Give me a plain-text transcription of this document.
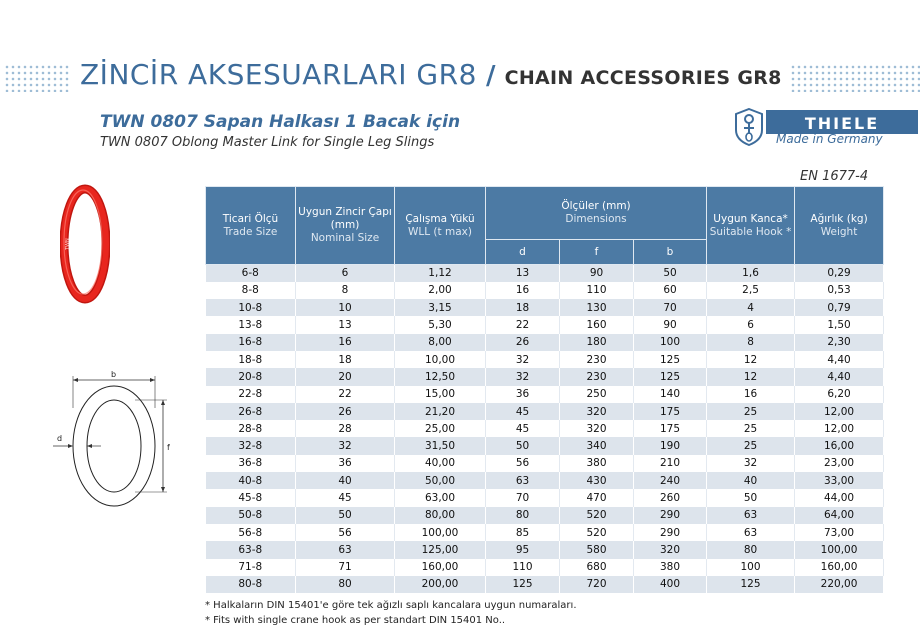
ZİNCİR AKSESUARLARI GR8 / CHAIN ACCESSORIES GR8
TWN 0807 Sapan Halkası 1 Bacak için
TWN 0807 Oblong Master Link for Single Leg Slings
THIELE
Made in Germany
EN 1677-4
TWN
b
d
f
Ticari Ölçü
Trade Size	Uygun Zincir Çapı (mm)
Nominal Size	Çalışma Yükü
WLL (t max)	Ölçüler (mm)
Dimensions			Uygun Kanca*
Suitable Hook *	Ağırlık (kg)
Weight

			d	f	b		
6-8	6	1,12	13	90	50	1,6	0,29
8-8	8	2,00	16	110	60	2,5	0,53
10-8	10	3,15	18	130	70	4	0,79
13-8	13	5,30	22	160	90	6	1,50
16-8	16	8,00	26	180	100	8	2,30
18-8	18	10,00	32	230	125	12	4,40
20-8	20	12,50	32	230	125	12	4,40
22-8	22	15,00	36	250	140	16	6,20
26-8	26	21,20	45	320	175	25	12,00
28-8	28	25,00	45	320	175	25	12,00
32-8	32	31,50	50	340	190	25	16,00
36-8	36	40,00	56	380	210	32	23,00
40-8	40	50,00	63	430	240	40	33,00
45-8	45	63,00	70	470	260	50	44,00
50-8	50	80,00	80	520	290	63	64,00
56-8	56	100,00	85	520	290	63	73,00
63-8	63	125,00	95	580	320	80	100,00
71-8	71	160,00	110	680	380	100	160,00
80-8	80	200,00	125	720	400	125	220,00
* Halkaların DIN 15401'e göre tek ağızlı saplı kancalara uygun numaraları.
* Fits with single crane hook as per standart DIN 15401 No..
